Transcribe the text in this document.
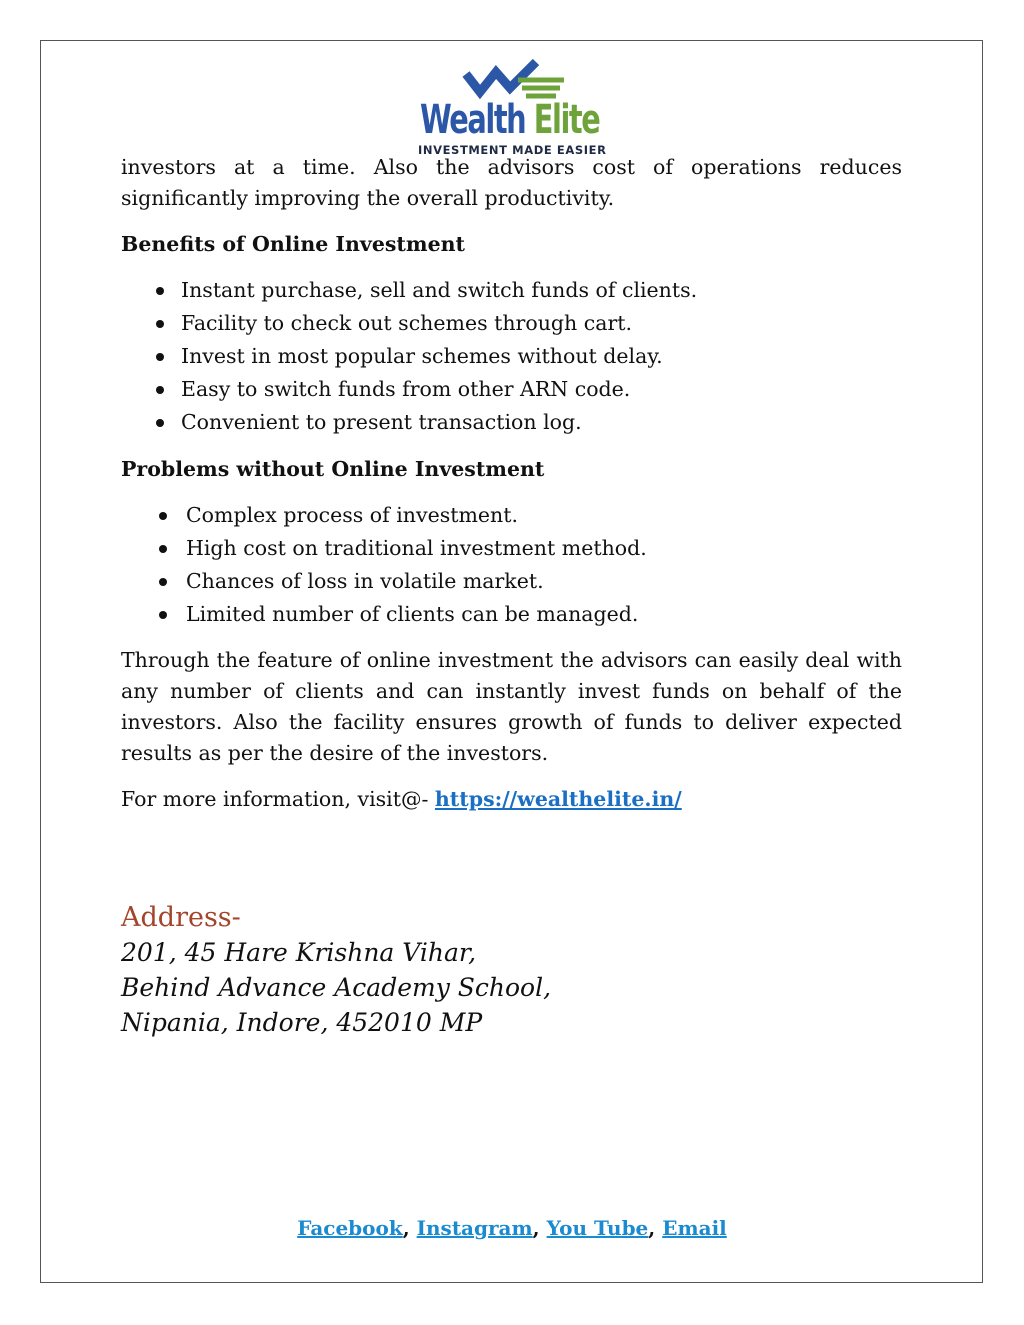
Wealth Elite
INVESTMENT MADE EASIER

investors at a time. Also the advisors cost of operations reduces significantly improving the overall productivity.

Benefits of Online Investment
Instant purchase, sell and switch funds of clients.
Facility to check out schemes through cart.
Invest in most popular schemes without delay.
Easy to switch funds from other ARN code.
Convenient to present transaction log.
Problems without Online Investment
Complex process of investment.
High cost on traditional investment method.
Chances of loss in volatile market.
Limited number of clients can be managed.

Through the feature of online investment the advisors can easily deal with any number of clients and can instantly invest funds on behalf of the investors. Also the facility ensures growth of funds to deliver expected results as per the desire of the investors.

For more information, visit@- https://wealthelite.in/

Address-
201, 45 Hare Krishna Vihar,
Behind Advance Academy School,
Nipania, Indore, 452010 MP
Facebook, Instagram, You Tube, Email
